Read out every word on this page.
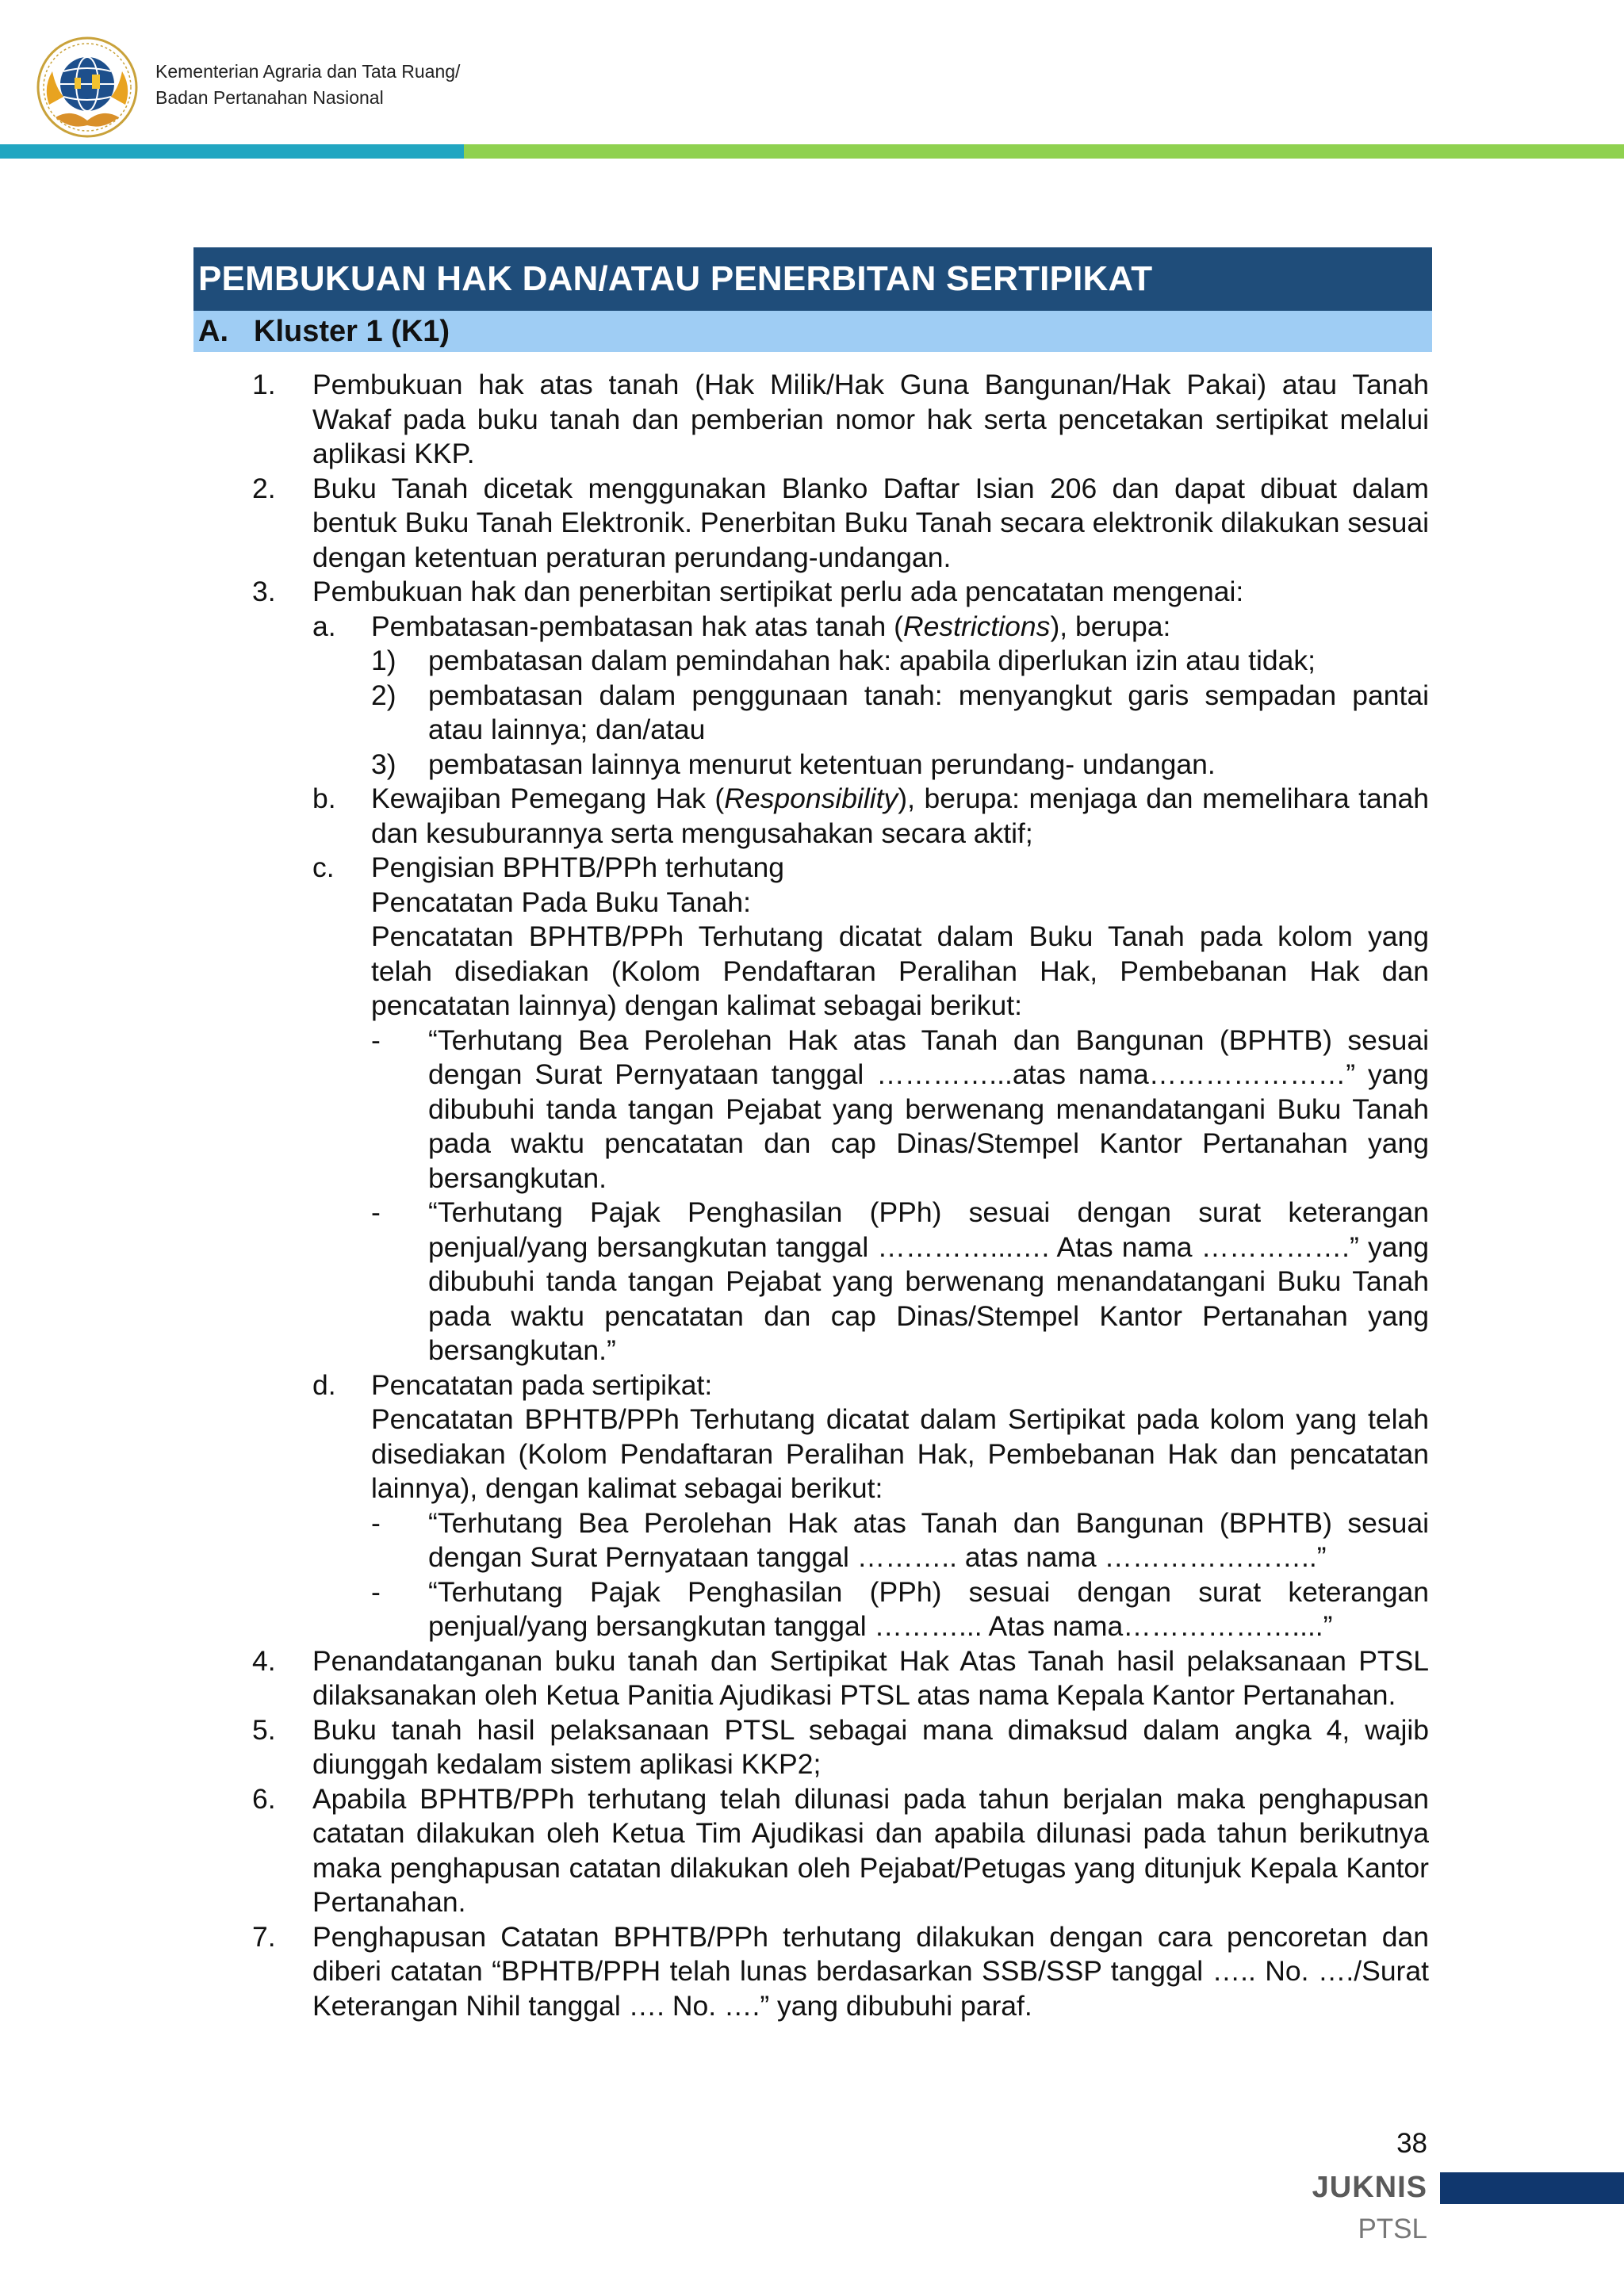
Kementerian Agraria dan Tata Ruang/
Badan Pertanahan Nasional
PEMBUKUAN HAK DAN/ATAU PENERBITAN SERTIPIKAT
A. Kluster 1 (K1)
1. Pembukuan hak atas tanah (Hak Milik/Hak Guna Bangunan/Hak Pakai) atau Tanah Wakaf pada buku tanah dan pemberian nomor hak serta pencetakan sertipikat melalui aplikasi KKP.
2. Buku Tanah dicetak menggunakan Blanko Daftar Isian 206 dan dapat dibuat dalam bentuk Buku Tanah Elektronik. Penerbitan Buku Tanah secara elektronik dilakukan sesuai dengan ketentuan peraturan perundang-undangan.
3. Pembukuan hak dan penerbitan sertipikat perlu ada pencatatan mengenai:
a. Pembatasan-pembatasan hak atas tanah (Restrictions), berupa:
1) pembatasan dalam pemindahan hak: apabila diperlukan izin atau tidak;
2) pembatasan dalam penggunaan tanah: menyangkut garis sempadan pantai atau lainnya; dan/atau
3) pembatasan lainnya menurut ketentuan perundang- undangan.
b. Kewajiban Pemegang Hak (Responsibility), berupa: menjaga dan memelihara tanah dan kesuburannya serta mengusahakan secara aktif;
c. Pengisian BPHTB/PPh terhutang
Pencatatan Pada Buku Tanah:
Pencatatan BPHTB/PPh Terhutang dicatat dalam Buku Tanah pada kolom yang telah disediakan (Kolom Pendaftaran Peralihan Hak, Pembebanan Hak dan pencatatan lainnya) dengan kalimat sebagai berikut:
- “Terhutang Bea Perolehan Hak atas Tanah dan Bangunan (BPHTB) sesuai dengan Surat Pernyataan tanggal …………...atas nama…………………” yang dibubuhi tanda tangan Pejabat yang berwenang menandatangani Buku Tanah pada waktu pencatatan dan cap Dinas/Stempel Kantor Pertanahan yang bersangkutan.
- “Terhutang Pajak Penghasilan (PPh) sesuai dengan surat keterangan penjual/yang bersangkutan tanggal …………...…. Atas nama …………….” yang dibubuhi tanda tangan Pejabat yang berwenang menandatangani Buku Tanah pada waktu pencatatan dan cap Dinas/Stempel Kantor Pertanahan yang bersangkutan.”
d. Pencatatan pada sertipikat:
Pencatatan BPHTB/PPh Terhutang dicatat dalam Sertipikat pada kolom yang telah disediakan (Kolom Pendaftaran Peralihan Hak, Pembebanan Hak dan pencatatan lainnya), dengan kalimat sebagai berikut:
- “Terhutang Bea Perolehan Hak atas Tanah dan Bangunan (BPHTB) sesuai dengan Surat Pernyataan tanggal ……….. atas nama …………………..”
- “Terhutang Pajak Penghasilan (PPh) sesuai dengan surat keterangan penjual/yang bersangkutan tanggal ………... Atas nama………………....”
4. Penandatanganan buku tanah dan Sertipikat Hak Atas Tanah hasil pelaksanaan PTSL dilaksanakan oleh Ketua Panitia Ajudikasi PTSL atas nama Kepala Kantor Pertanahan.
5. Buku tanah hasil pelaksanaan PTSL sebagai mana dimaksud dalam angka 4, wajib diunggah kedalam sistem aplikasi KKP2;
6. Apabila BPHTB/PPh terhutang telah dilunasi pada tahun berjalan maka penghapusan catatan dilakukan oleh Ketua Tim Ajudikasi dan apabila dilunasi pada tahun berikutnya maka penghapusan catatan dilakukan oleh Pejabat/Petugas yang ditunjuk Kepala Kantor Pertanahan.
7. Penghapusan Catatan BPHTB/PPh terhutang dilakukan dengan cara pencoretan dan diberi catatan “BPHTB/PPH telah lunas berdasarkan SSB/SSP tanggal ….. No. …./Surat Keterangan Nihil tanggal …. No. ….” yang dibubuhi paraf.
38
JUKNIS
PTSL
